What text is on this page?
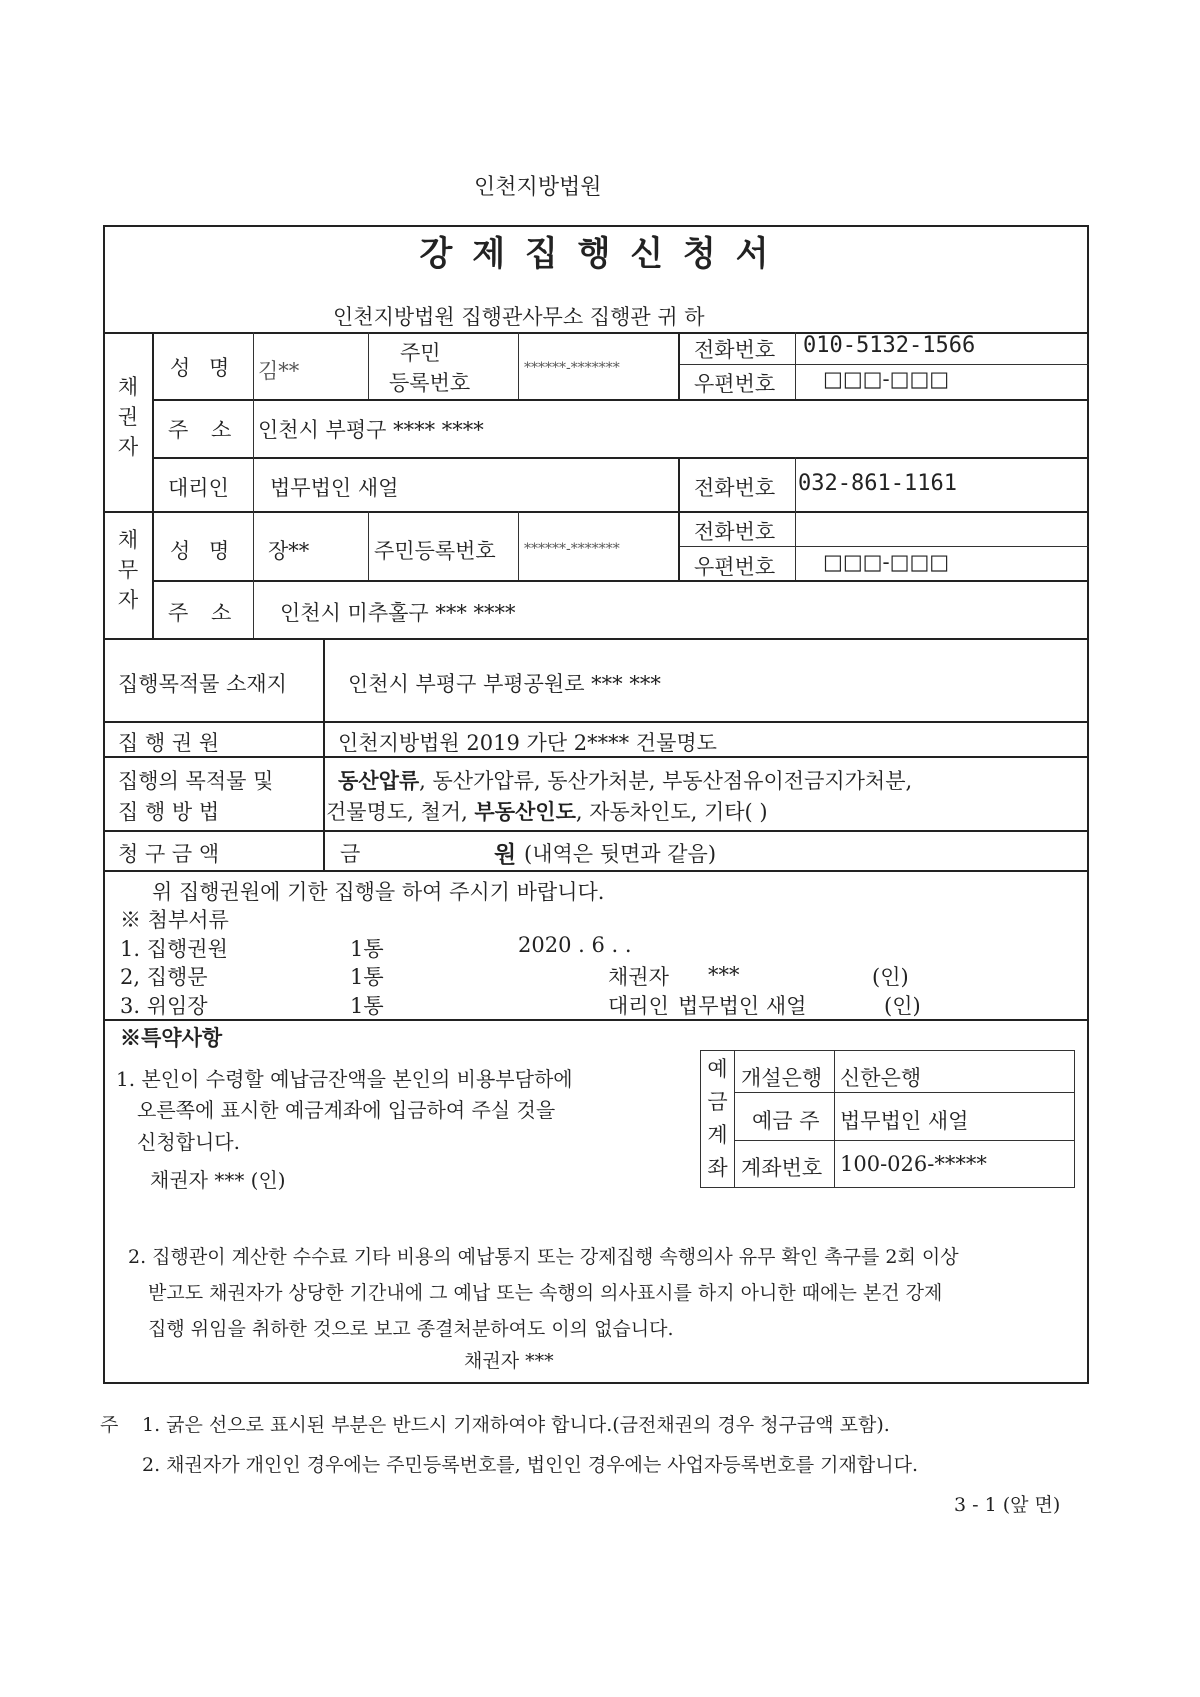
인천지방법원
강 제 집 행 신 청 서
인천지방법원 집행관사무소 집행관 귀 하
채
권
자
성 명 김**
주민
등록번호
******-*******
전화번호 010-5132-1566
우편번호 □□□-□□□
주 소 인천시 부평구 **** ****
대리인 법무법인 새얼	전화번호 032-861-1161
채
무
자
성 명 장**	주민등록번호 ******-*******
전화번호
우편번호 □□□-□□□
주 소 인천시 미추홀구 *** ****
집행목적물 소재지	인천시 부평구 부평공원로 *** ***
집 행 권 원	인천지방법원 2019 가단 2**** 건물명도
집행의 목적물 및
집 행 방 법
동산압류, 동산가압류, 동산가처분, 부동산점유이전금지가처분,
건물명도, 철거, 부동산인도, 자동차인도, 기타( )
청 구 금 액	금	원 (내역은 뒷면과 같음)
위 집행권원에 기한 집행을 하여 주시기 바랍니다.
※ 첨부서류
1. 집행권원	1통
2, 집행문	1통
3. 위임장	1통
2020 . 6 . .
채권자 ***	(인)
대리인 법무법인 새얼	(인)
※특약사항
1. 본인이 수령할 예납금잔액을 본인의 비용부담하에
오른쪽에 표시한 예금계좌에 입금하여 주실 것을
신청합니다.
채권자 *** (인)
예
금
계
좌
개설은행 신한은행
예금 주 법무법인 새얼
계좌번호 100-026-*****
2. 집행관이 계산한 수수료 기타 비용의 예납통지 또는 강제집행 속행의사 유무 확인 촉구를 2회 이상
받고도 채권자가 상당한 기간내에 그 예납 또는 속행의 의사표시를 하지 아니한 때에는 본건 강제
집행 위임을 취하한 것으로 보고 종결처분하여도 이의 없습니다.
채권자 ***
주 1. 굵은 선으로 표시된 부분은 반드시 기재하여야 합니다.(금전채권의 경우 청구금액 포함).
2. 채권자가 개인인 경우에는 주민등록번호를, 법인인 경우에는 사업자등록번호를 기재합니다.
3 - 1 (앞 면)
